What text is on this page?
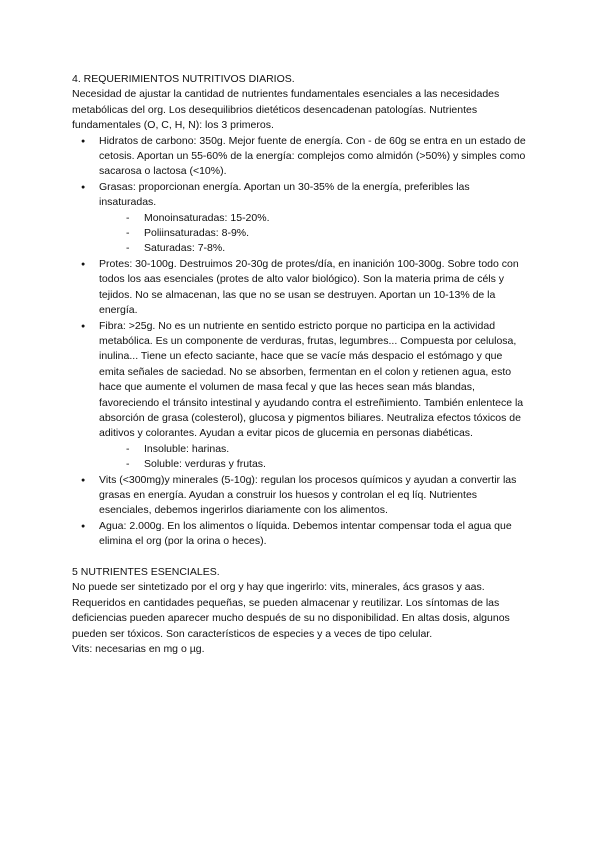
4. REQUERIMIENTOS NUTRITIVOS DIARIOS.

Necesidad de ajustar la cantidad de nutrientes fundamentales esenciales a las necesidades metabólicas del org. Los desequilibrios dietéticos desencadenan patologías. Nutrientes fundamentales (O, C, H, N): los 3 primeros.

● Hidratos de carbono: 350g. Mejor fuente de energía. Con - de 60g se entra en un estado de cetosis. Aportan un 55-60% de la energía: complejos como almidón (>50%) y simples como sacarosa o lactosa (<10%).
● Grasas: proporcionan energía. Aportan un 30-35% de la energía, preferibles las insaturadas.
- Monoinsaturadas: 15-20%.
- Poliinsaturadas: 8-9%.
- Saturadas: 7-8%.
● Protes: 30-100g. Destruimos 20-30g de protes/día, en inanición 100-300g. Sobre todo con todos los aas esenciales (protes de alto valor biológico). Son la materia prima de céls y tejidos. No se almacenan, las que no se usan se destruyen. Aportan un 10-13% de la energía.
● Fibra: >25g. No es un nutriente en sentido estricto porque no participa en la actividad metabólica. Es un componente de verduras, frutas, legumbres... Compuesta por celulosa, inulina... Tiene un efecto saciante, hace que se vacíe más despacio el estómago y que emita señales de saciedad. No se absorben, fermentan en el colon y retienen agua, esto hace que aumente el volumen de masa fecal y que las heces sean más blandas, favoreciendo el tránsito intestinal y ayudando contra el estreñimiento. También enlentece la absorción de grasa (colesterol), glucosa y pigmentos biliares. Neutraliza efectos tóxicos de aditivos y colorantes. Ayudan a evitar picos de glucemia en personas diabéticas.
- Insoluble: harinas.
- Soluble: verduras y frutas.
● Vits (<300mg)y minerales (5-10g): regulan los procesos químicos y ayudan a convertir las grasas en energía. Ayudan a construir los huesos y controlan el eq líq. Nutrientes esenciales, debemos ingerirlos diariamente con los alimentos.
● Agua: 2.000g. En los alimentos o líquida. Debemos intentar compensar toda el agua que elimina el org (por la orina o heces).

5 NUTRIENTES ESENCIALES.

No puede ser sintetizado por el org y hay que ingerirlo: vits, minerales, ács grasos y aas. Requeridos en cantidades pequeñas, se pueden almacenar y reutilizar. Los síntomas de las deficiencias pueden aparecer mucho después de su no disponibilidad. En altas dosis, algunos pueden ser tóxicos. Son característicos de especies y a veces de tipo celular.

Vits: necesarias en mg o µg.
